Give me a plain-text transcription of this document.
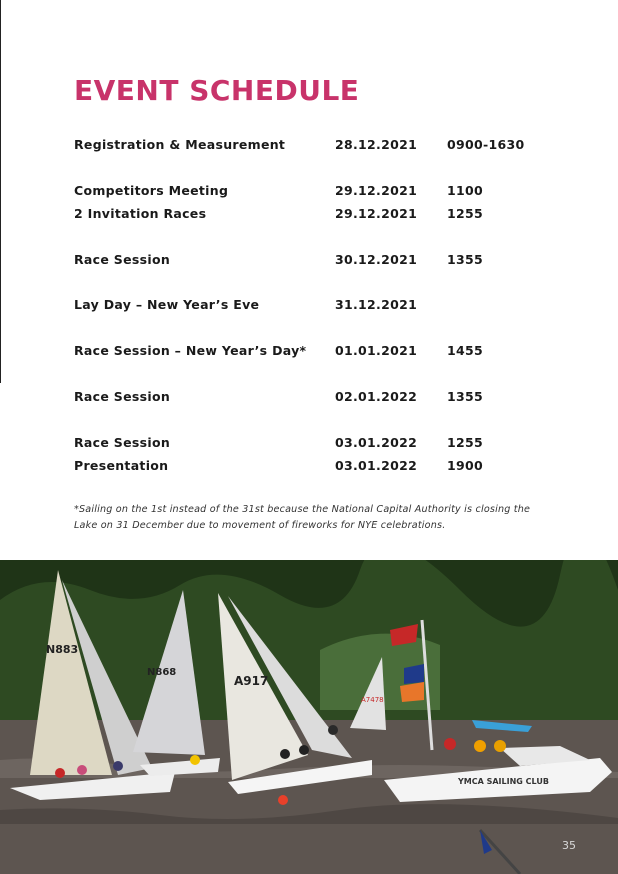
EVENT SCHEDULE
Registration & Measurement	28.12.2021 0900-1630
Competitors Meeting	29.12.2021 1100
2 Invitation Races	29.12.2021 1255
Race Session	30.12.2021 1355
Lay Day – New Year’s Eve	31.12.2021
Race Session – New Year’s Day* 01.01.2021 1455
Race Session	02.01.2022 1355
Race Session	03.01.2022 1255
Presentation	03.01.2022 1900

*Sailing on the 1st instead of the 31st because the National Capital Authority is closing the Lake on 31 December due to movement of fireworks for NYE celebrations.

N883
N868
A917
A7478
YMCA SAILING CLUB
35
